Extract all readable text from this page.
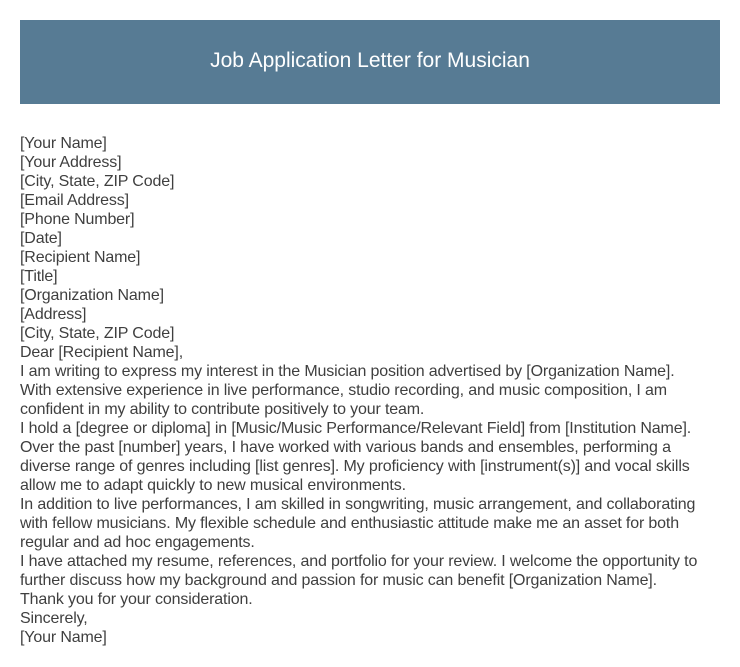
Job Application Letter for Musician
[Your Name]
[Your Address]
[City, State, ZIP Code]
[Email Address]
[Phone Number]
[Date]
[Recipient Name]
[Title]
[Organization Name]
[Address]
[City, State, ZIP Code]
Dear [Recipient Name],
I am writing to express my interest in the Musician position advertised by [Organization Name].
With extensive experience in live performance, studio recording, and music composition, I am
confident in my ability to contribute positively to your team.
I hold a [degree or diploma] in [Music/Music Performance/Relevant Field] from [Institution Name].
Over the past [number] years, I have worked with various bands and ensembles, performing a
diverse range of genres including [list genres]. My proficiency with [instrument(s)] and vocal skills
allow me to adapt quickly to new musical environments.
In addition to live performances, I am skilled in songwriting, music arrangement, and collaborating
with fellow musicians. My flexible schedule and enthusiastic attitude make me an asset for both
regular and ad hoc engagements.
I have attached my resume, references, and portfolio for your review. I welcome the opportunity to
further discuss how my background and passion for music can benefit [Organization Name].
Thank you for your consideration.
Sincerely,
[Your Name]
